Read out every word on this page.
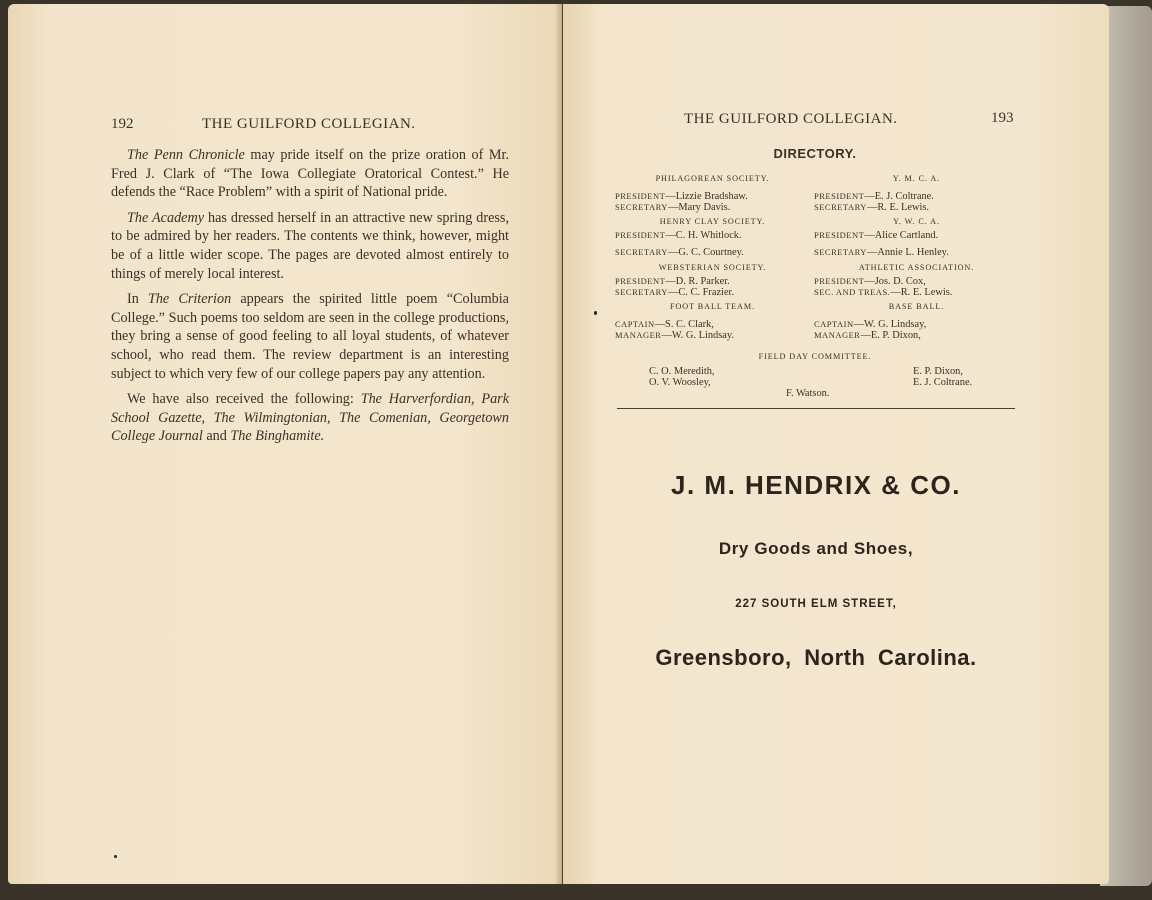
192	THE GUILFORD COLLEGIAN.

The Penn Chronicle may pride itself on the prize oration of Mr. Fred J. Clark of “The Iowa Collegiate Oratorical Contest.” He defends the “Race Problem” with a spirit of National pride.

The Academy has dressed herself in an attractive new spring dress, to be admired by her readers. The contents we think, however, might be of a little wider scope. The pages are devoted almost entirely to things of merely local interest.

In The Criterion appears the spirited little poem “Columbia College.” Such poems too seldom are seen in the college productions, they bring a sense of good feeling to all loyal students, of whatever school, who read them. The review department is an interesting subject to which very few of our college papers pay any attention.

We have also received the following: The Harverfordian, Park School Gazette, The Wilmingtonian, The Comenian, Georgetown College Journal and The Binghamite.

THE GUILFORD COLLEGIAN.	193
DIRECTORY.
PHILAGOREAN SOCIETY.
PRESIDENT—Lizzie Bradshaw.
SECRETARY—Mary Davis.
HENRY CLAY SOCIETY.
PRESIDENT—C. H. Whitlock.
SECRETARY—G. C. Courtney.
WEBSTERIAN SOCIETY.
PRESIDENT—D. R. Parker.
SECRETARY—C. C. Frazier.
FOOT BALL TEAM.
CAPTAIN—S. C. Clark,
MANAGER—W. G. Lindsay.
Y. M. C. A.
PRESIDENT—E. J. Coltrane.
SECRETARY—R. E. Lewis.
Y. W. C. A.
PRESIDENT—Alice Cartland.
SECRETARY—Annie L. Henley.
ATHLETIC ASSOCIATION.
PRESIDENT—Jos. D. Cox,
SEC. AND TREAS.—R. E. Lewis.
BASE BALL.
CAPTAIN—W. G. Lindsay,
MANAGER—E. P. Dixon,
FIELD DAY COMMITTEE.
C. O. Meredith,
O. V. Woosley,
F. Watson.
E. P. Dixon,
E. J. Coltrane.
J. M. HENDRIX & CO.
Dry Goods and Shoes,
227 SOUTH ELM STREET,
Greensboro, North Carolina.
